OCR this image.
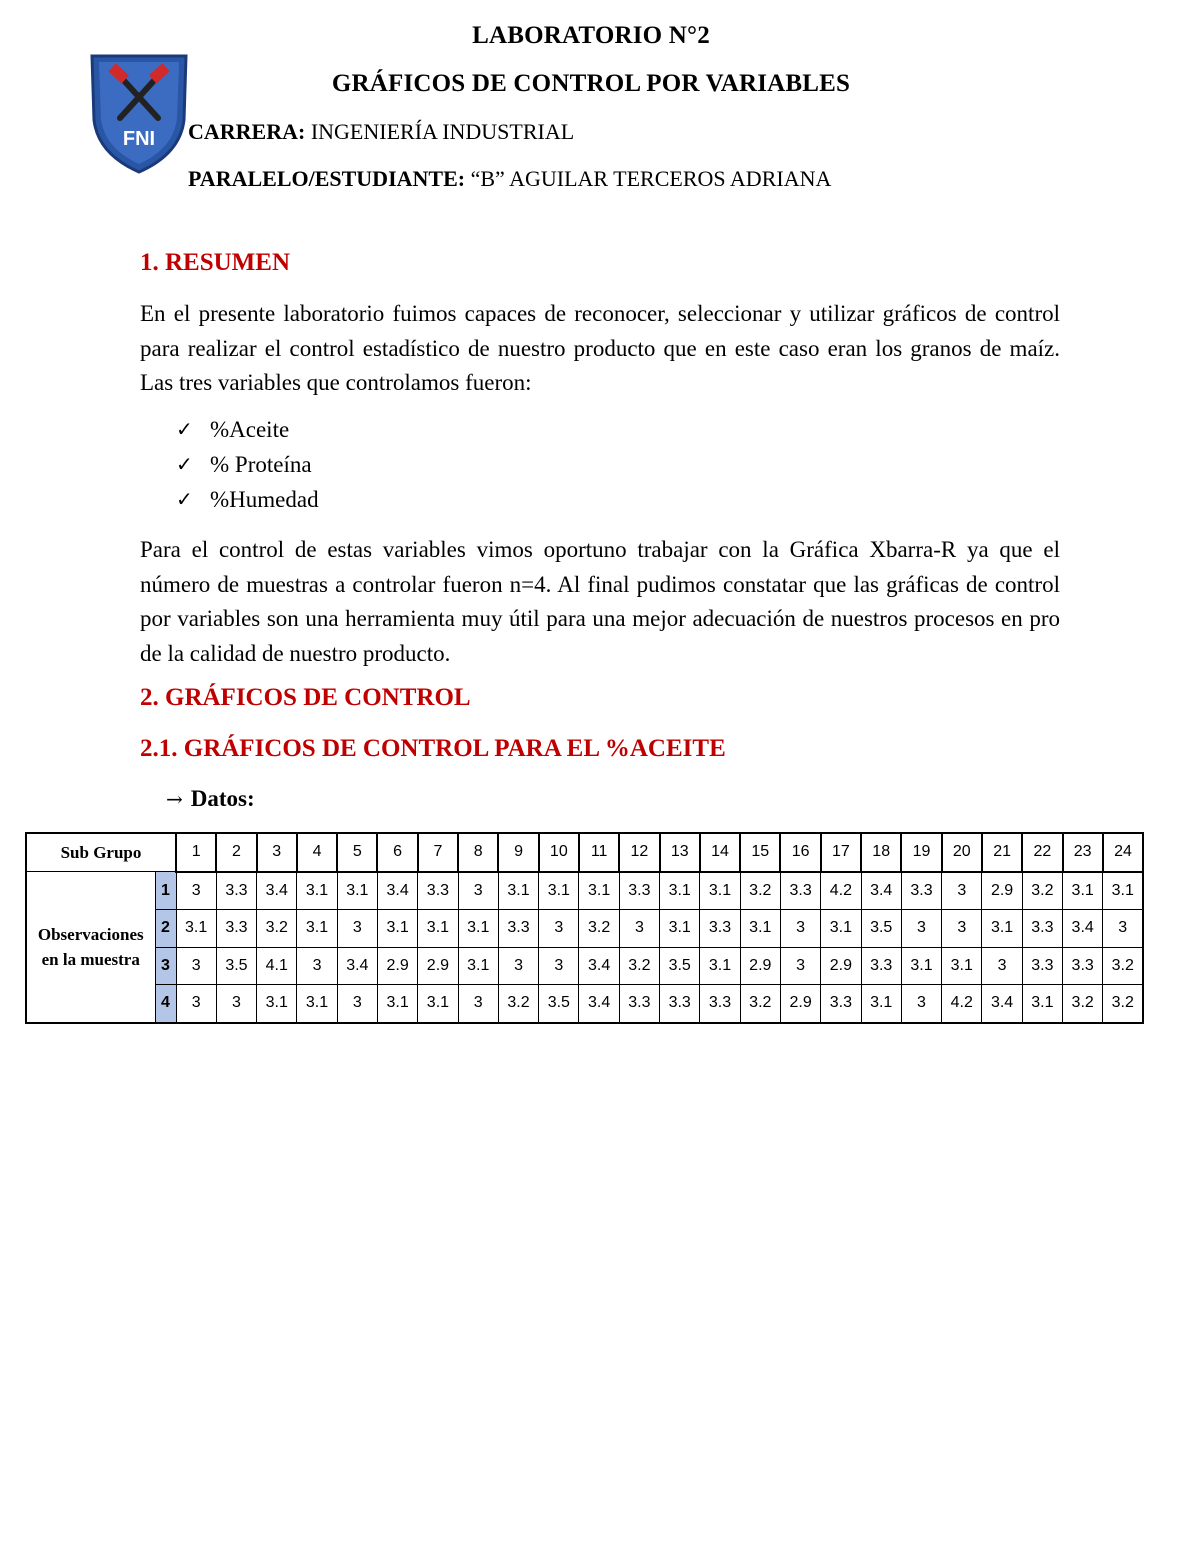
FNI
LABORATORIO N°2
GRÁFICOS DE CONTROL POR VARIABLES
CARRERA: INGENIERÍA INDUSTRIAL
PARALELO/ESTUDIANTE: “B” AGUILAR TERCEROS ADRIANA
1. RESUMEN
En el presente laboratorio fuimos capaces de reconocer, seleccionar y utilizar gráficos de control para realizar el control estadístico de nuestro producto que en este caso eran los granos de maíz. Las tres variables que controlamos fueron:
✓ %Aceite
✓ % Proteína
✓ %Humedad
Para el control de estas variables vimos oportuno trabajar con la Gráfica Xbarra-R ya que el número de muestras a controlar fueron n=4. Al final pudimos constatar que las gráficas de control por variables son una herramienta muy útil para una mejor adecuación de nuestros procesos en pro de la calidad de nuestro producto.
2. GRÁFICOS DE CONTROL
2.1. GRÁFICOS DE CONTROL PARA EL %ACEITE
→ Datos:
Sub Grupo		1	2	3	4	5	6	7	8	9	10	11	12	13	14	15	16	17	18	19	20	21	22	23	24

Observaciones
en la muestra	1	3	3.3	3.4	3.1	3.1	3.4	3.3	3	3.1	3.1	3.1	3.3	3.1	3.1	3.2	3.3	4.2	3.4	3.3	3	2.9	3.2	3.1	3.1
	2	3.1	3.3	3.2	3.1	3	3.1	3.1	3.1	3.3	3	3.2	3	3.1	3.3	3.1	3	3.1	3.5	3	3	3.1	3.3	3.4	3
	3	3	3.5	4.1	3	3.4	2.9	2.9	3.1	3	3	3.4	3.2	3.5	3.1	2.9	3	2.9	3.3	3.1	3.1	3	3.3	3.3	3.2
	4	3	3	3.1	3.1	3	3.1	3.1	3	3.2	3.5	3.4	3.3	3.3	3.3	3.2	2.9	3.3	3.1	3	4.2	3.4	3.1	3.2	3.2
